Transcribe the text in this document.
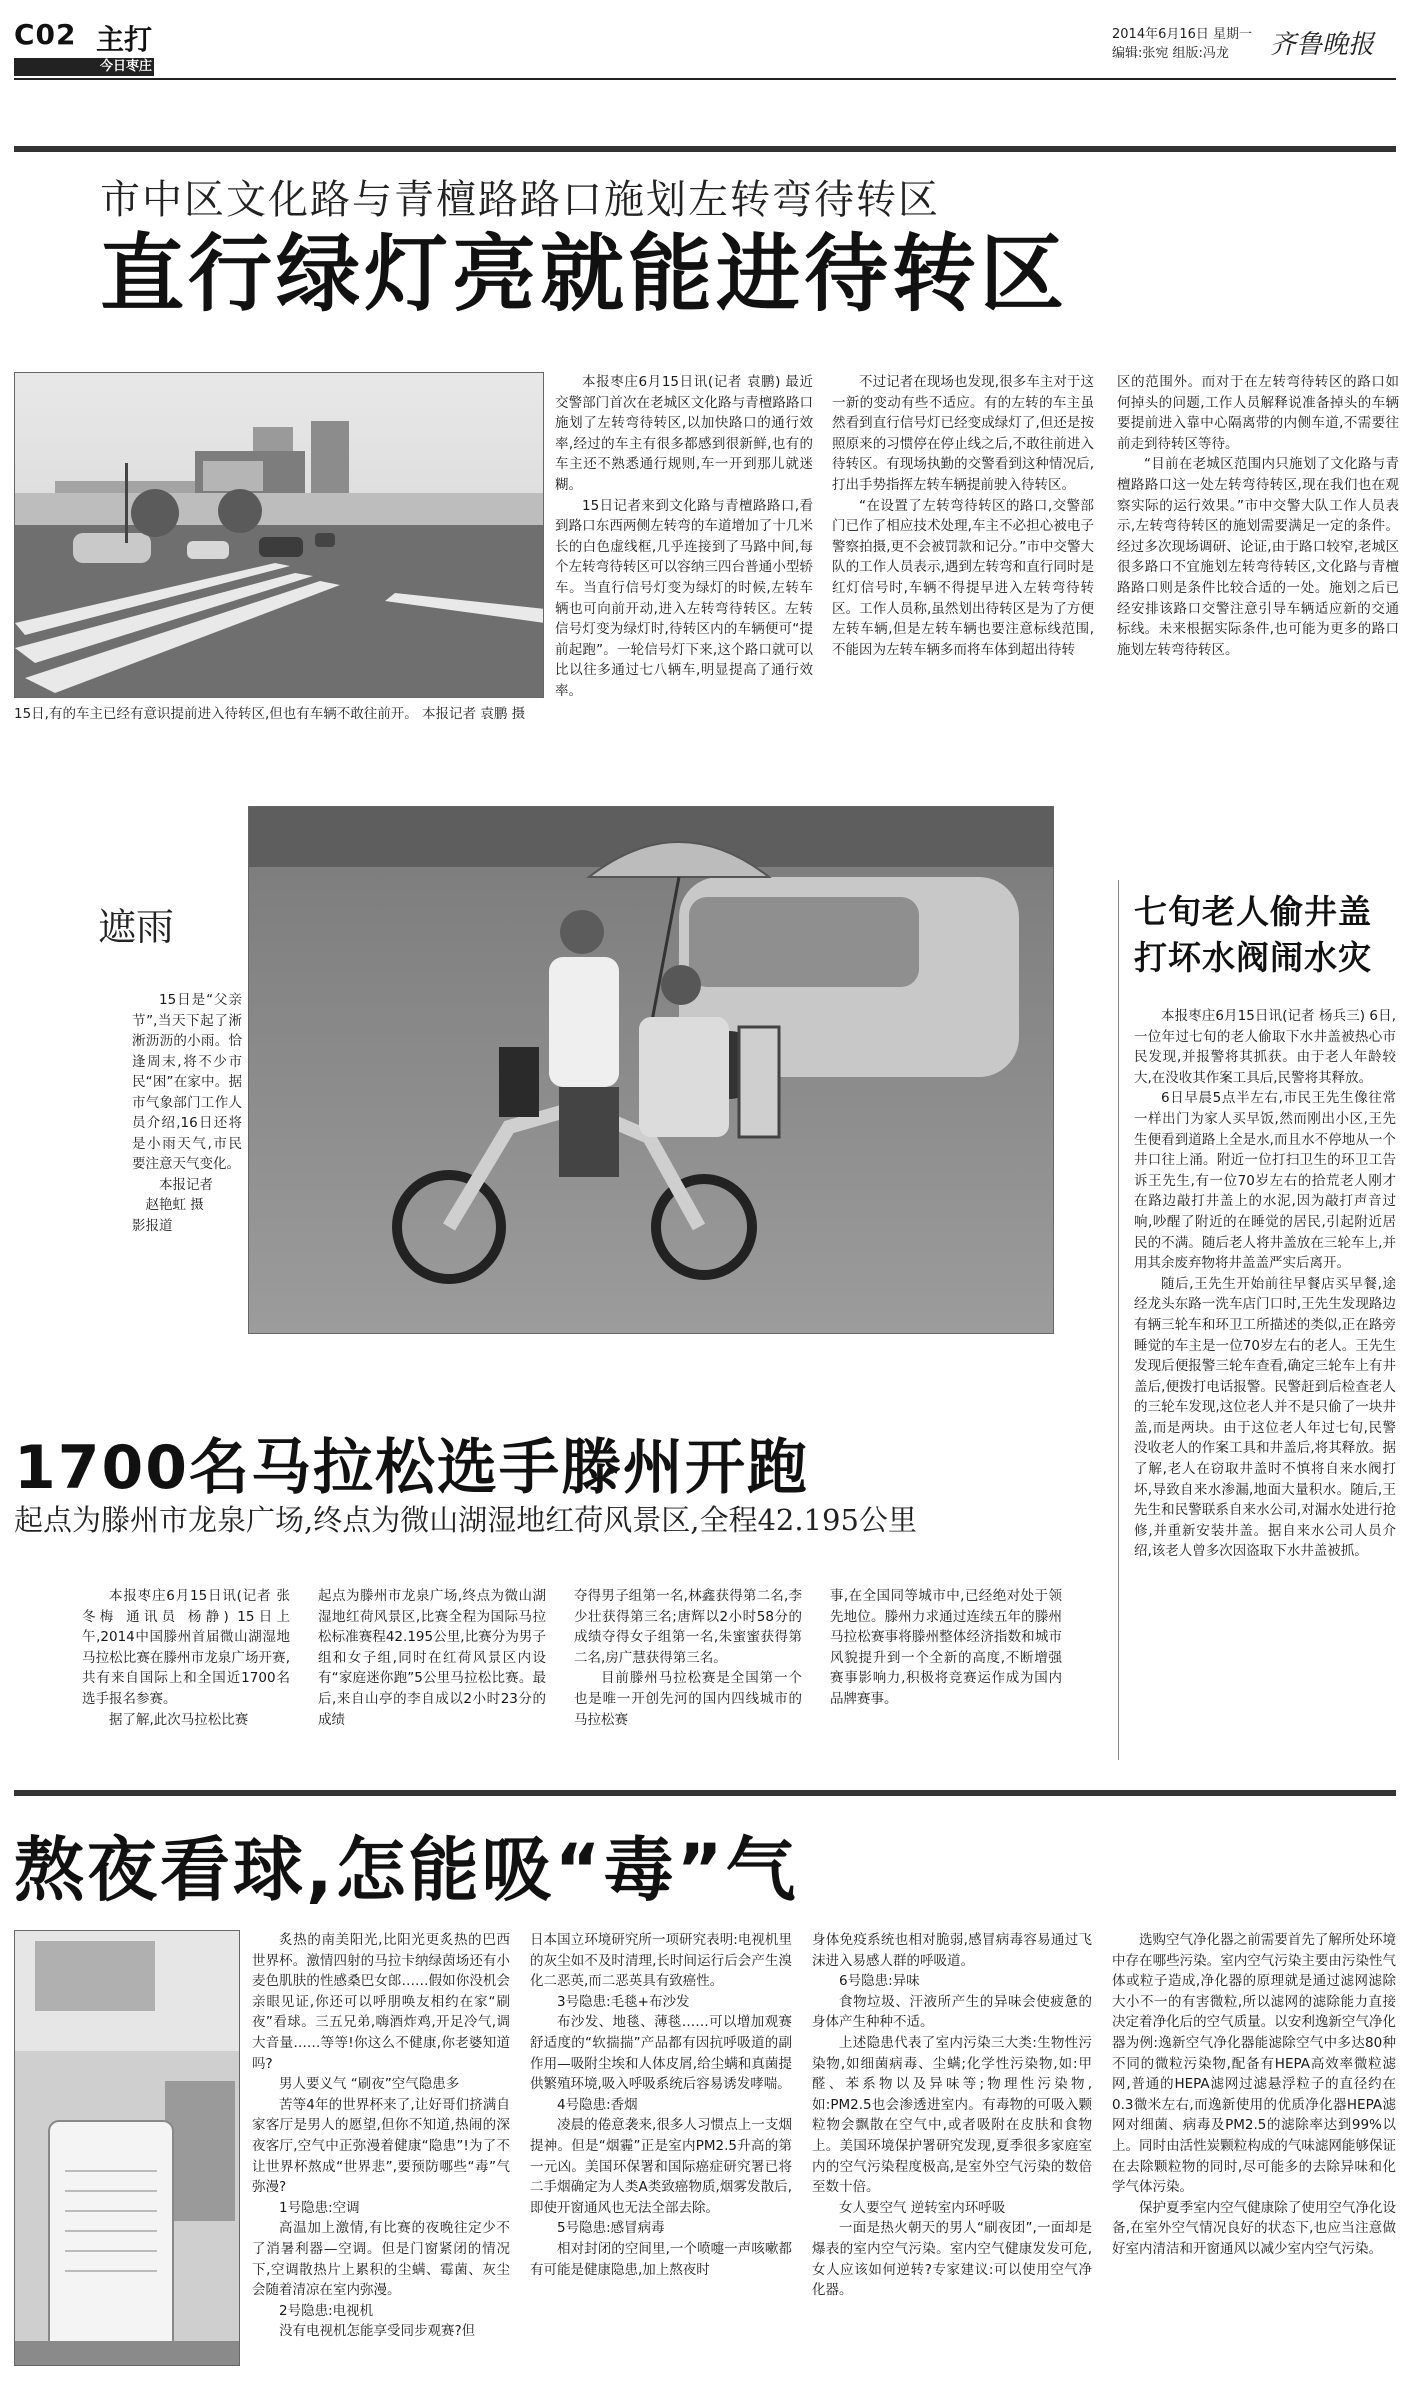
C02 主打
今日枣庄
2014年6月16日 星期一
编辑:张宛 组版:冯龙 齐鲁晚报
市中区文化路与青檀路路口施划左转弯待转区
直行绿灯亮就能进待转区
15日,有的车主已经有意识提前进入待转区,但也有车辆不敢往前开。 本报记者 袁鹏 摄

本报枣庄6月15日讯(记者 袁鹏) 最近交警部门首次在老城区文化路与青檀路路口施划了左转弯待转区,以加快路口的通行效率,经过的车主有很多都感到很新鲜,也有的车主还不熟悉通行规则,车一开到那儿就迷糊。

15日记者来到文化路与青檀路路口,看到路口东西两侧左转弯的车道增加了十几米长的白色虚线框,几乎连接到了马路中间,每个左转弯待转区可以容纳三四台普通小型轿车。当直行信号灯变为绿灯的时候,左转车辆也可向前开动,进入左转弯待转区。左转信号灯变为绿灯时,待转区内的车辆便可“提前起跑”。一轮信号灯下来,这个路口就可以比以往多通过七八辆车,明显提高了通行效率。

不过记者在现场也发现,很多车主对于这一新的变动有些不适应。有的左转的车主虽然看到直行信号灯已经变成绿灯了,但还是按照原来的习惯停在停止线之后,不敢往前进入待转区。有现场执勤的交警看到这种情况后,打出手势指挥左转车辆提前驶入待转区。

“在设置了左转弯待转区的路口,交警部门已作了相应技术处理,车主不必担心被电子警察拍摄,更不会被罚款和记分。”市中交警大队的工作人员表示,遇到左转弯和直行同时是红灯信号时,车辆不得提早进入左转弯待转区。工作人员称,虽然划出待转区是为了方便左转车辆,但是左转车辆也要注意标线范围,不能因为左转车辆多而将车体到超出待转

区的范围外。而对于在左转弯待转区的路口如何掉头的问题,工作人员解释说准备掉头的车辆要提前进入靠中心隔离带的内侧车道,不需要往前走到待转区等待。

“目前在老城区范围内只施划了文化路与青檀路路口这一处左转弯待转区,现在我们也在观察实际的运行效果。”市中交警大队工作人员表示,左转弯待转区的施划需要满足一定的条件。经过多次现场调研、论证,由于路口较窄,老城区很多路口不宜施划左转弯待转区,文化路与青檀路路口则是条件比较合适的一处。施划之后已经安排该路口交警注意引导车辆适应新的交通标线。未来根据实际条件,也可能为更多的路口施划左转弯待转区。

遮雨

15日是“父亲节”,当天下起了淅淅沥沥的小雨。恰逢周末,将不少市民“困”在家中。据市气象部门工作人员介绍,16日还将是小雨天气,市民要注意天气变化。

本报记者

赵艳虹 摄

影报道

七旬老人偷井盖
打坏水阀闹水灾

本报枣庄6月15日讯(记者 杨兵三) 6日,一位年过七旬的老人偷取下水井盖被热心市民发现,并报警将其抓获。由于老人年龄较大,在没收其作案工具后,民警将其释放。

6日早晨5点半左右,市民王先生像往常一样出门为家人买早饭,然而刚出小区,王先生便看到道路上全是水,而且水不停地从一个井口往上涌。附近一位打扫卫生的环卫工告诉王先生,有一位70岁左右的拾荒老人刚才在路边敲打井盖上的水泥,因为敲打声音过响,吵醒了附近的在睡觉的居民,引起附近居民的不满。随后老人将井盖放在三轮车上,并用其余废弃物将井盖盖严实后离开。

随后,王先生开始前往早餐店买早餐,途经龙头东路一洗车店门口时,王先生发现路边有辆三轮车和环卫工所描述的类似,正在路旁睡觉的车主是一位70岁左右的老人。王先生发现后便报警三轮车查看,确定三轮车上有井盖后,便拨打电话报警。民警赶到后检查老人的三轮车发现,这位老人并不是只偷了一块井盖,而是两块。由于这位老人年过七旬,民警没收老人的作案工具和井盖后,将其释放。据了解,老人在窃取井盖时不慎将自来水阀打坏,导致自来水渗漏,地面大量积水。随后,王先生和民警联系自来水公司,对漏水处进行抢修,并重新安装井盖。据自来水公司人员介绍,该老人曾多次因盗取下水井盖被抓。

1700名马拉松选手滕州开跑
起点为滕州市龙泉广场,终点为微山湖湿地红荷风景区,全程42.195公里

本报枣庄6月15日讯(记者 张冬梅 通讯员 杨静) 15日上午,2014中国滕州首届微山湖湿地马拉松比赛在滕州市龙泉广场开赛,共有来自国际上和全国近1700名选手报名参赛。

据了解,此次马拉松比赛

起点为滕州市龙泉广场,终点为微山湖湿地红荷风景区,比赛全程为国际马拉松标准赛程42.195公里,比赛分为男子组和女子组,同时在红荷风景区内设有“家庭迷你跑”5公里马拉松比赛。最后,来自山亭的李自成以2小时23分的成绩

夺得男子组第一名,林鑫获得第二名,李少壮获得第三名;唐辉以2小时58分的成绩夺得女子组第一名,朱蜜蜜获得第二名,房广慧获得第三名。

目前滕州马拉松赛是全国第一个也是唯一开创先河的国内四线城市的马拉松赛

事,在全国同等城市中,已经绝对处于领先地位。滕州力求通过连续五年的滕州马拉松赛事将滕州整体经济指数和城市风貌提升到一个全新的高度,不断增强赛事影响力,积极将竞赛运作成为国内品牌赛事。

熬夜看球,怎能吸“毒”气

炙热的南美阳光,比阳光更炙热的巴西世界杯。激情四射的马拉卡纳绿茵场还有小麦色肌肤的性感桑巴女郎……假如你没机会亲眼见证,你还可以呼朋唤友相约在家“刷夜”看球。三五兄弟,嗨酒炸鸡,开足冷气,调大音量……等等!你这么不健康,你老婆知道吗?

男人要义气 “刷夜”空气隐患多

苦等4年的世界杯来了,让好哥们挤满自家客厅是男人的愿望,但你不知道,热闹的深夜客厅,空气中正弥漫着健康“隐患”!为了不让世界杯熬成“世界悲”,要预防哪些“毒”气弥漫?

1号隐患:空调

高温加上激情,有比赛的夜晚往定少不了消暑利器—空调。但是门窗紧闭的情况下,空调散热片上累积的尘螨、霉菌、灰尘会随着清凉在室内弥漫。

2号隐患:电视机

没有电视机怎能享受同步观赛?但

日本国立环境研究所一项研究表明:电视机里的灰尘如不及时清理,长时间运行后会产生溴化二恶英,而二恶英具有致癌性。

3号隐患:毛毯+布沙发

布沙发、地毯、薄毯……可以增加观赛舒适度的“软揣揣”产品都有因抗呼吸道的副作用—吸附尘埃和人体皮屑,给尘螨和真菌提供繁殖环境,吸入呼吸系统后容易诱发哮喘。

4号隐患:香烟

凌晨的倦意袭来,很多人习惯点上一支烟提神。但是“烟霾”正是室内PM2.5升高的第一元凶。美国环保署和国际癌症研究署已将二手烟确定为人类A类致癌物质,烟雾发散后,即使开窗通风也无法全部去除。

5号隐患:感冒病毒

相对封闭的空间里,一个喷嚏一声咳嗽都有可能是健康隐患,加上熬夜时

身体免疫系统也相对脆弱,感冒病毒容易通过飞沫进入易感人群的呼吸道。

6号隐患:异味

食物垃圾、汗液所产生的异味会使疲惫的身体产生种种不适。

上述隐患代表了室内污染三大类:生物性污染物,如细菌病毒、尘螨;化学性污染物,如:甲醛、苯系物以及异味等;物理性污染物,如:PM2.5也会渗透进室内。有毒物的可吸入颗粒物会飘散在空气中,或者吸附在皮肤和食物上。美国环境保护署研究发现,夏季很多家庭室内的空气污染程度极高,是室外空气污染的数倍至数十倍。

女人要空气 逆转室内环呼吸

一面是热火朝天的男人“刷夜团”,一面却是爆表的室内空气污染。室内空气健康发发可危,女人应该如何逆转?专家建议:可以使用空气净化器。

选购空气净化器之前需要首先了解所处环境中存在哪些污染。室内空气污染主要由污染性气体或粒子造成,净化器的原理就是通过滤网滤除大小不一的有害微粒,所以滤网的滤除能力直接决定着净化后的空气质量。以安利逸新空气净化器为例:逸新空气净化器能滤除空气中多达80种不同的微粒污染物,配备有HEPA高效率微粒滤网,普通的HEPA滤网过滤悬浮粒子的直径约在0.3微米左右,而逸新使用的优质净化器HEPA滤网对细菌、病毒及PM2.5的滤除率达到99%以上。同时由活性炭颗粒构成的气味滤网能够保证在去除颗粒物的同时,尽可能多的去除异味和化学气体污染。

保护夏季室内空气健康除了使用空气净化设备,在室外空气情况良好的状态下,也应当注意做好室内清洁和开窗通风以减少室内空气污染。
